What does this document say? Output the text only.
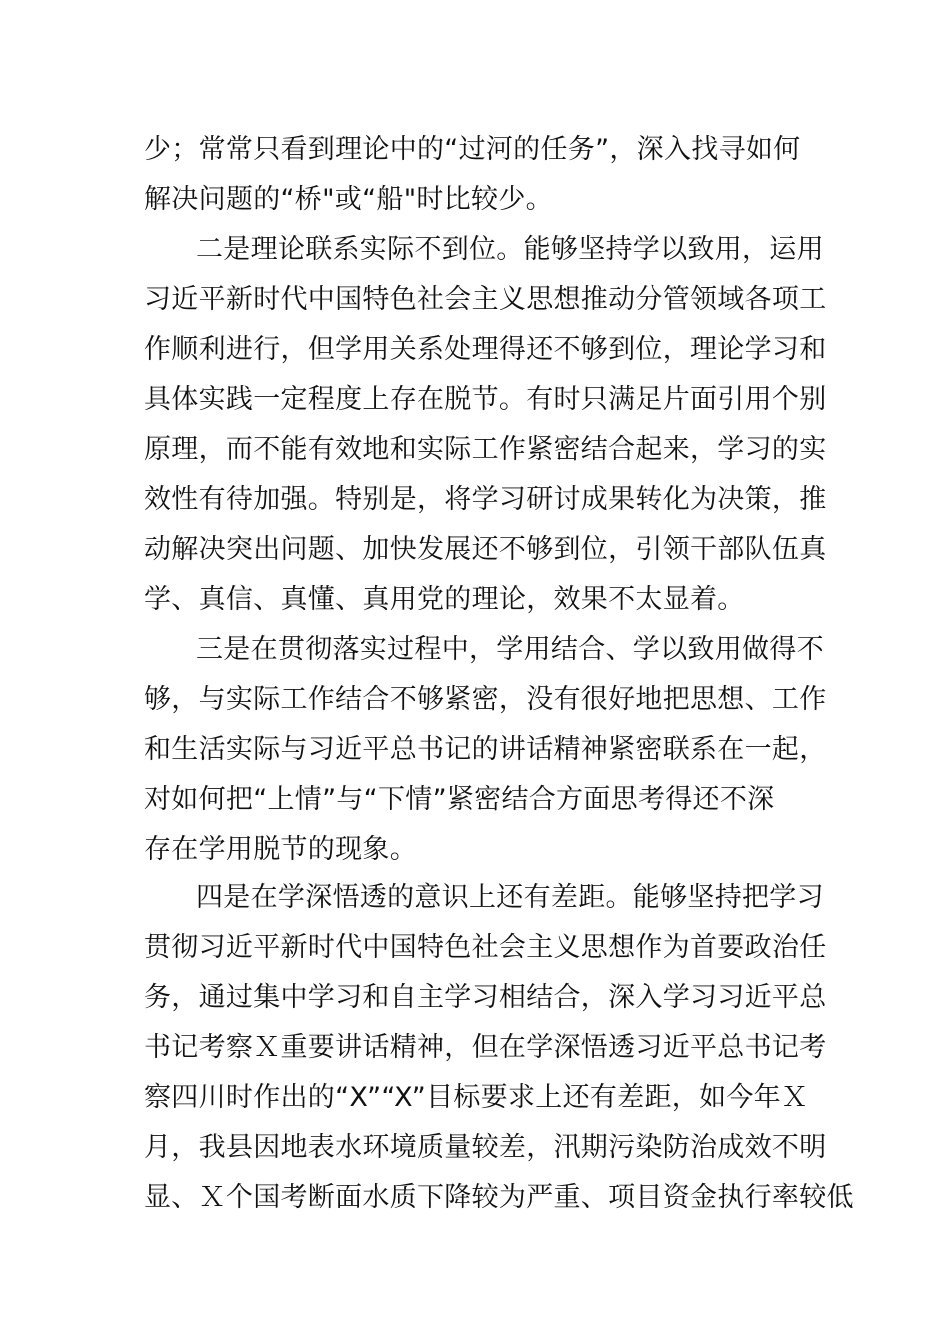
少；常常只看到理论中的“过河的任务”，深入找寻如何
解决问题的“桥"或“船"时比较少。
二是理论联系实际不到位。能够坚持学以致用，运用
习近平新时代中国特色社会主义思想推动分管领域各项工
作顺利进行，但学用关系处理得还不够到位，理论学习和
具体实践一定程度上存在脱节。有时只满足片面引用个别
原理，而不能有效地和实际工作紧密结合起来，学习的实
效性有待加强。特别是，将学习研讨成果转化为决策，推
动解决突出问题、加快发展还不够到位，引领干部队伍真
学、真信、真懂、真用党的理论，效果不太显着。
三是在贯彻落实过程中，学用结合、学以致用做得不
够，与实际工作结合不够紧密，没有很好地把思想、工作
和生活实际与习近平总书记的讲话精神紧密联系在一起，
对如何把“上情”与“下情”紧密结合方面思考得还不深
存在学用脱节的现象。
四是在学深悟透的意识上还有差距。能够坚持把学习
贯彻习近平新时代中国特色社会主义思想作为首要政治任
务，通过集中学习和自主学习相结合，深入学习习近平总
书记考察Ｘ重要讲话精神，但在学深悟透习近平总书记考
察四川时作出的“X”“X”目标要求上还有差距，如今年Ｘ
月，我县因地表水环境质量较差，汛期污染防治成效不明
显、Ｘ个国考断面水质下降较为严重、项目资金执行率较低
